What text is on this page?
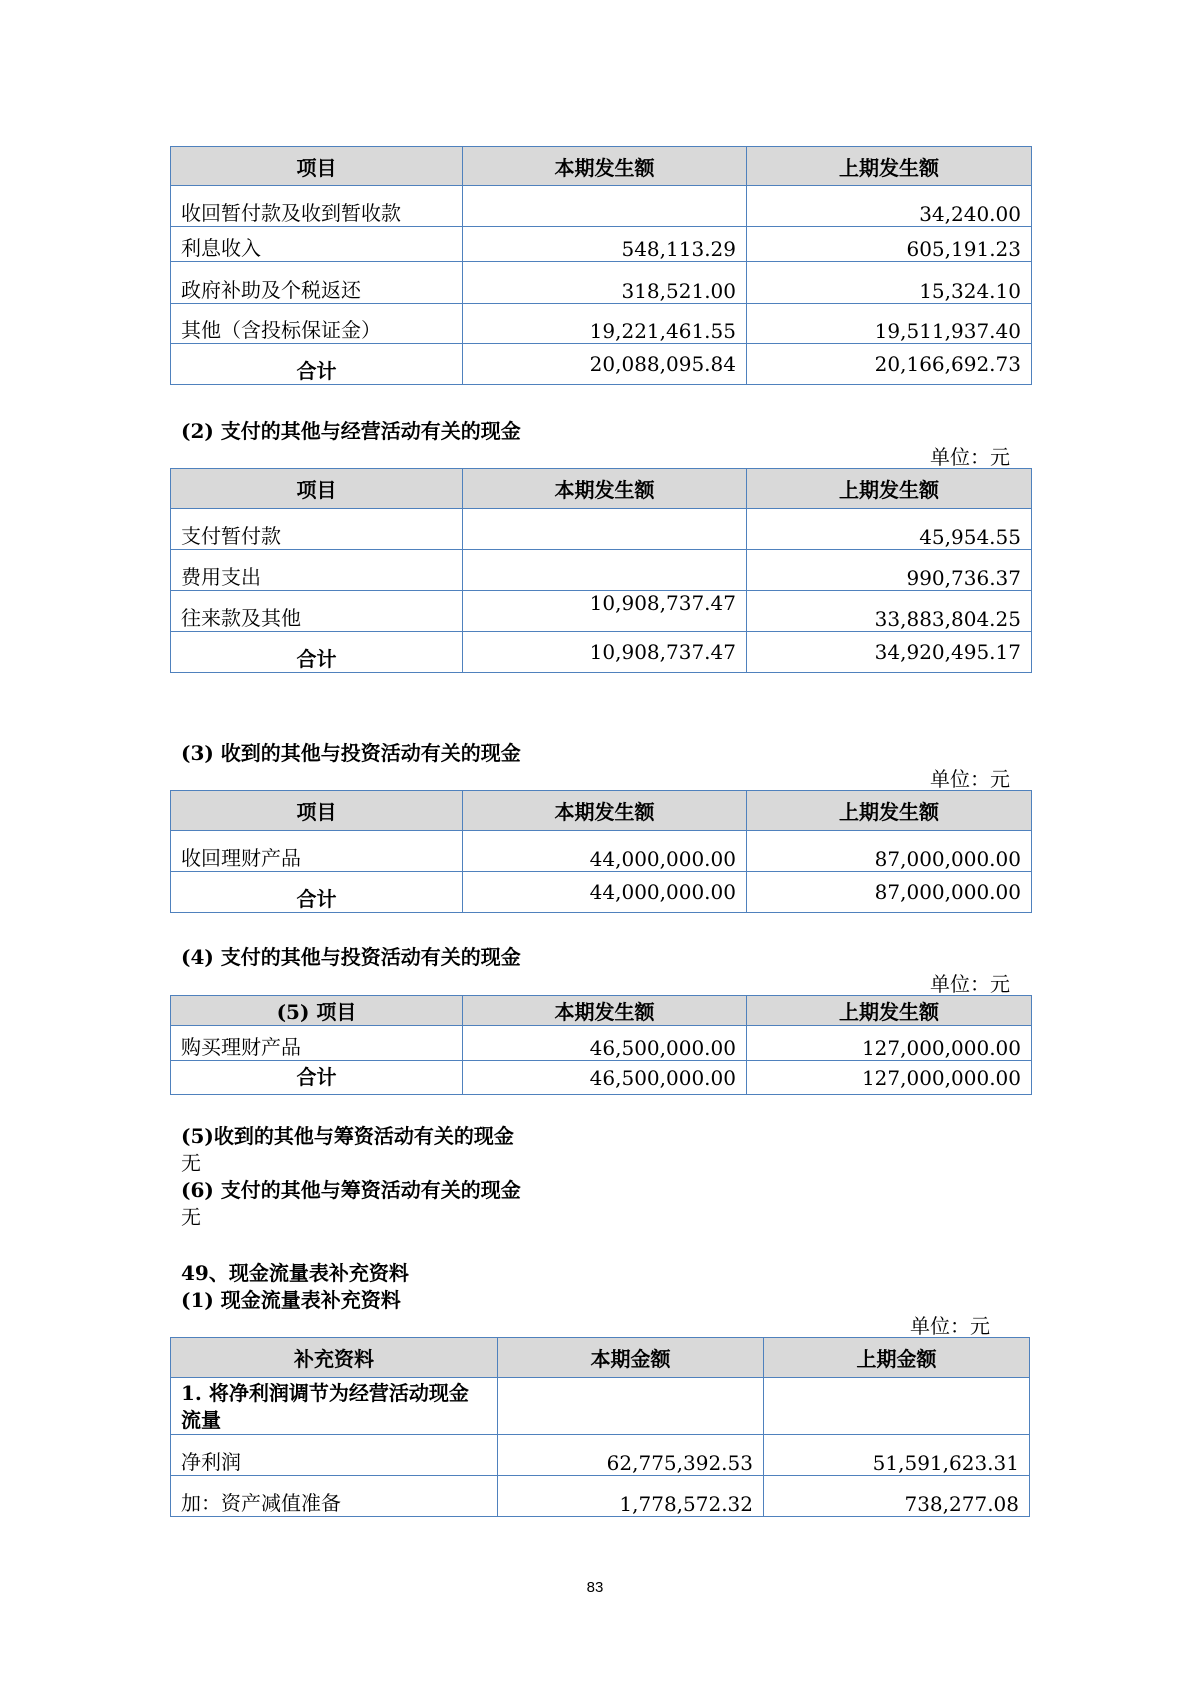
项目	本期发生额	上期发生额
收回暂付款及收到暂收款		34,240.00
利息收入	548,113.29	605,191.23
政府补助及个税返还	318,521.00	15,324.10
其他（含投标保证金）	19,221,461.55	19,511,937.40
合计	20,088,095.84	20,166,692.73
(2) 支付的其他与经营活动有关的现金
单位：元
项目	本期发生额	上期发生额
支付暂付款		45,954.55
费用支出		990,736.37
往来款及其他	10,908,737.47	33,883,804.25
合计	10,908,737.47	34,920,495.17
(3) 收到的其他与投资活动有关的现金
单位：元
项目	本期发生额	上期发生额
收回理财产品	44,000,000.00	87,000,000.00
合计	44,000,000.00	87,000,000.00
(4) 支付的其他与投资活动有关的现金
单位：元
(5) 项目	本期发生额	上期发生额
购买理财产品	46,500,000.00	127,000,000.00
合计	46,500,000.00	127,000,000.00
(5)收到的其他与筹资活动有关的现金
无
(6) 支付的其他与筹资活动有关的现金
无
49、现金流量表补充资料
(1) 现金流量表补充资料
单位：元
补充资料	本期金额	上期金额
1. 将净利润调节为经营活动现金流量		
净利润	62,775,392.53	51,591,623.31
加：资产减值准备	1,778,572.32	738,277.08
83
